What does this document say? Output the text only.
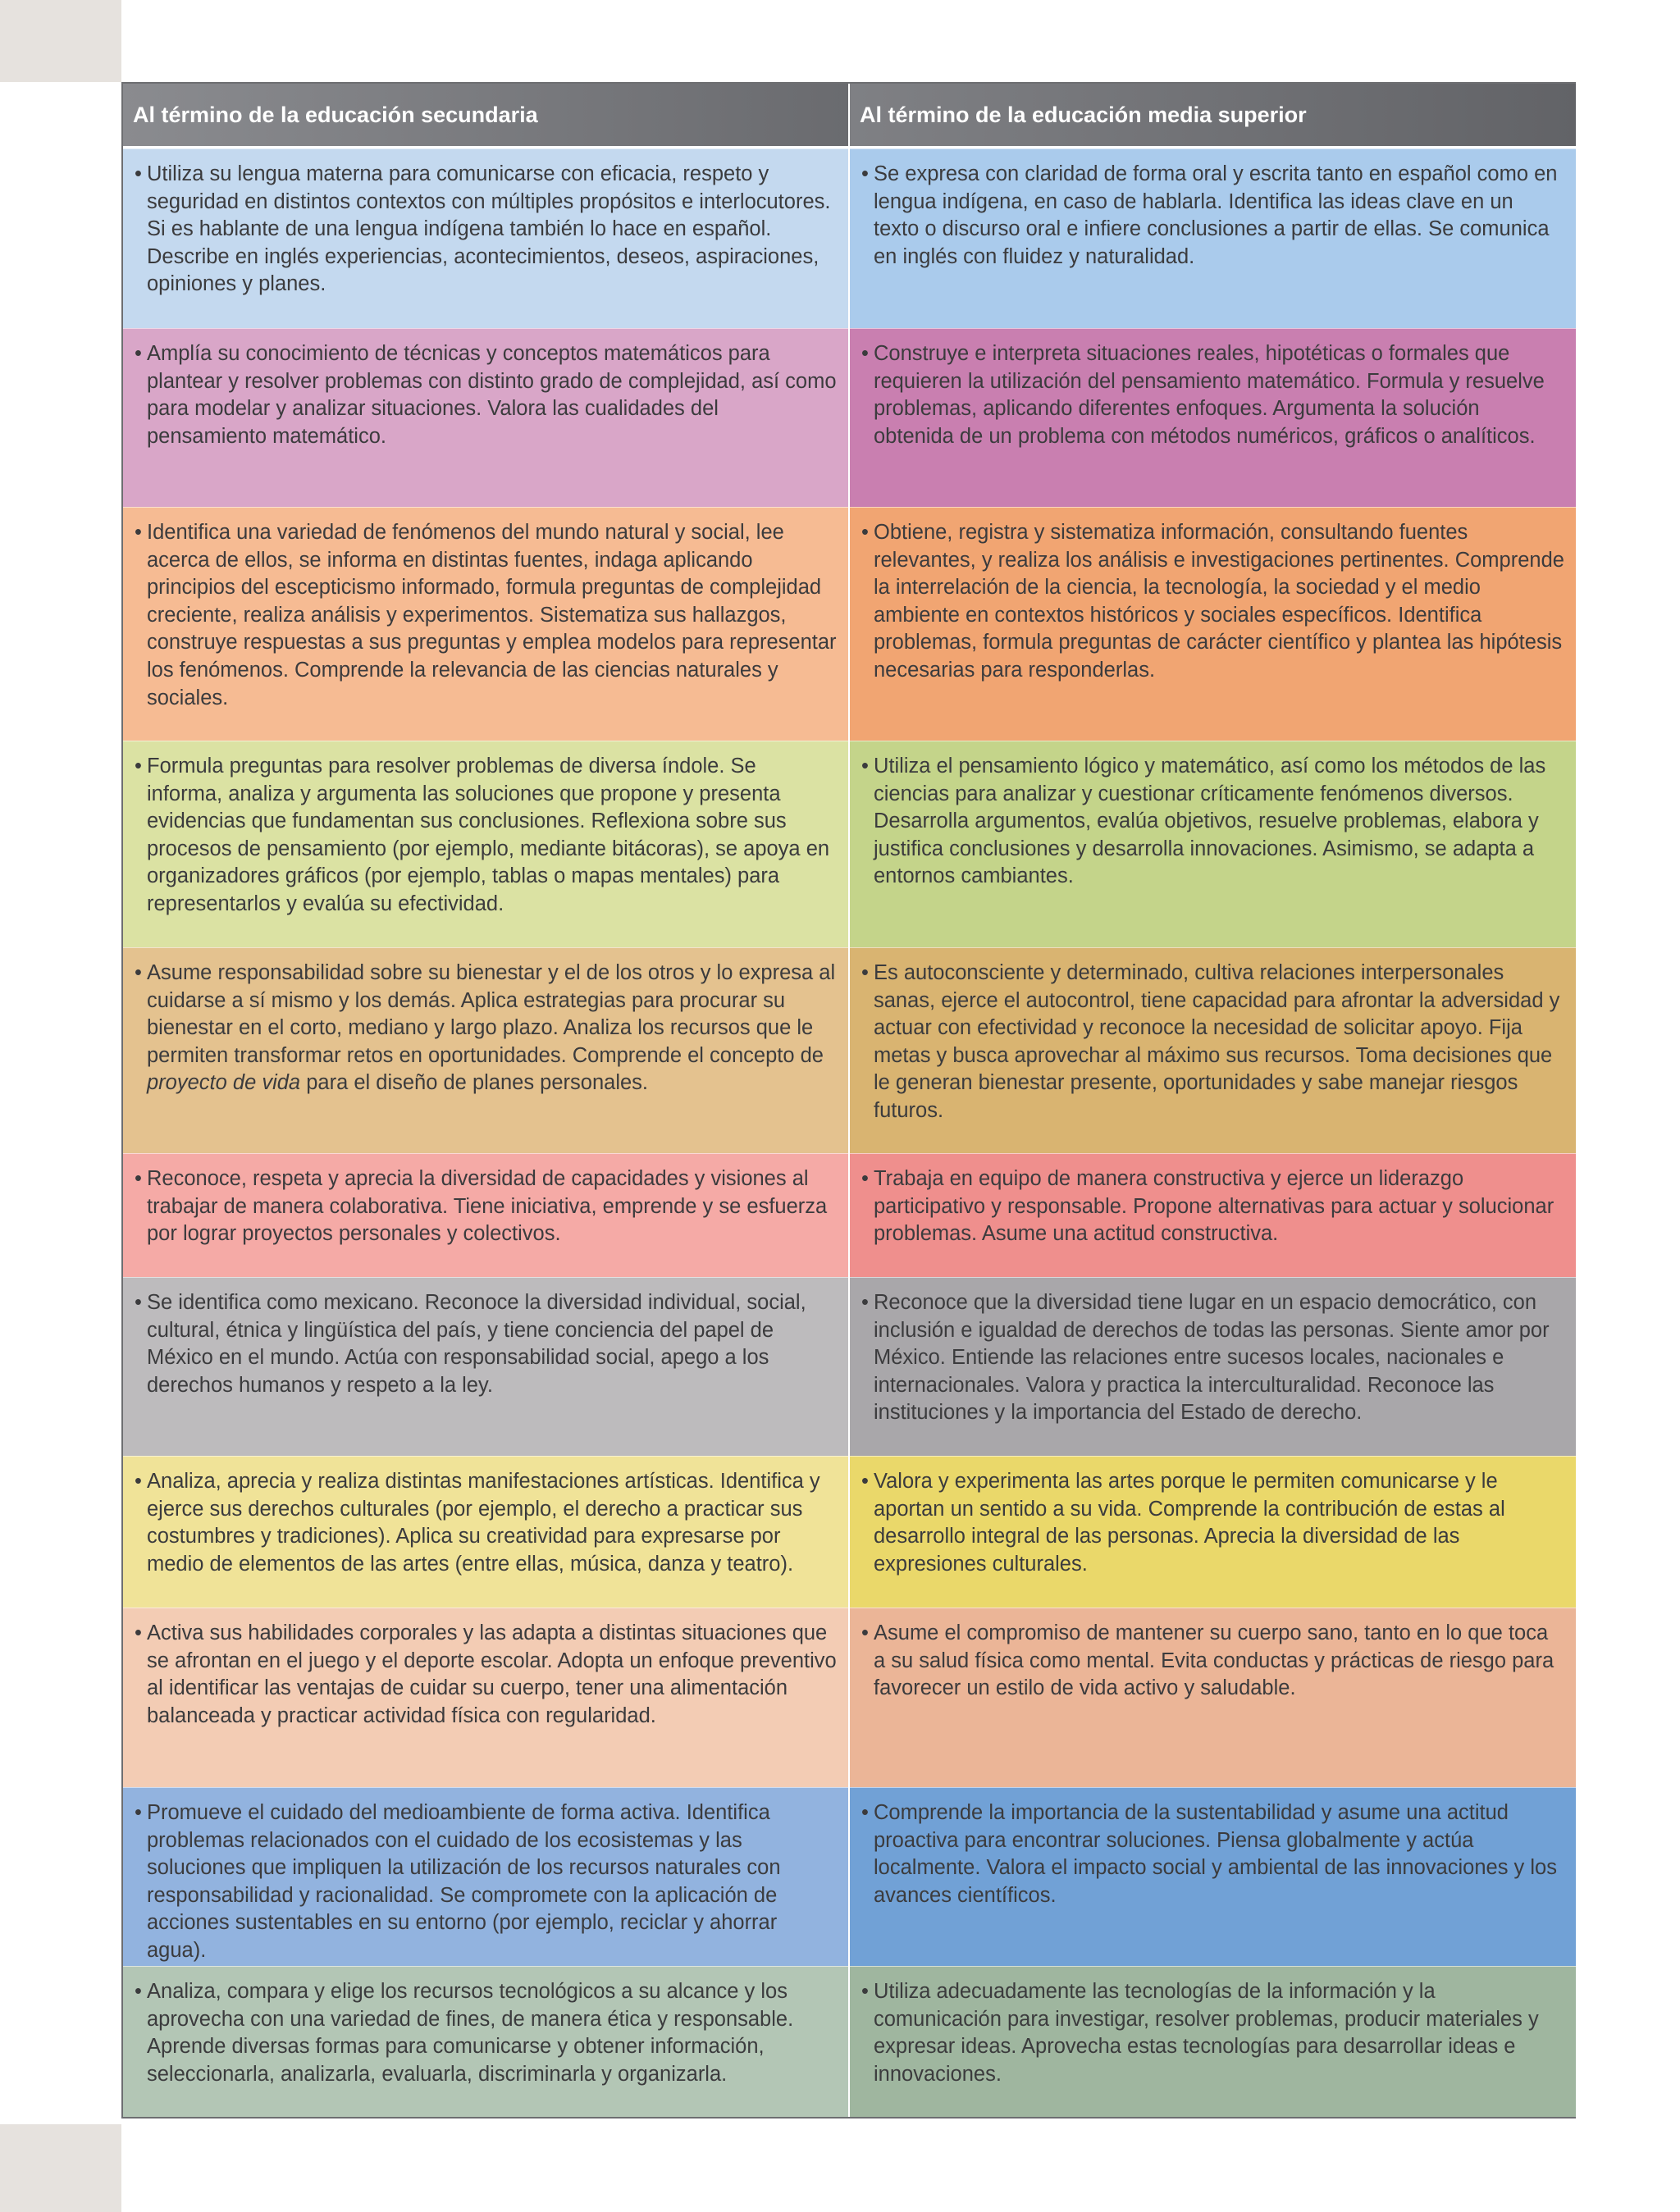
Al término de la educación secundaria	Al término de la educación media superior

• Utiliza su lengua materna para comunicarse con eficacia, respeto y seguridad en distintos contextos con múltiples propósitos e interlocutores. Si es hablante de una lengua indígena también lo hace en español. Describe en inglés experiencias, acontecimientos, deseos, aspiraciones, opiniones y planes.

• Se expresa con claridad de forma oral y escrita tanto en español como en lengua indígena, en caso de hablarla. Identifica las ideas clave en un texto o discurso oral e infiere conclusiones a partir de ellas. Se comunica en inglés con fluidez y naturalidad.

• Amplía su conocimiento de técnicas y conceptos matemáticos para plantear y resolver problemas con distinto grado de complejidad, así como para modelar y analizar situaciones. Valora las cualidades del pensamiento matemático.

• Construye e interpreta situaciones reales, hipotéticas o formales que requieren la utilización del pensamiento matemático. Formula y resuelve problemas, aplicando diferentes enfoques. Argumenta la solución obtenida de un problema con métodos numéricos, gráficos o analíticos.

• Identifica una variedad de fenómenos del mundo natural y social, lee acerca de ellos, se informa en distintas fuentes, indaga aplicando principios del escepticismo informado, formula preguntas de complejidad creciente, realiza análisis y experimentos. Sistematiza sus hallazgos, construye respuestas a sus preguntas y emplea modelos para representar los fenómenos. Comprende la relevancia de las ciencias naturales y sociales.

• Obtiene, registra y sistematiza información, consultando fuentes relevantes, y realiza los análisis e investigaciones pertinentes. Comprende la interrelación de la ciencia, la tecnología, la sociedad y el medio ambiente en contextos históricos y sociales específicos. Identifica problemas, formula preguntas de carácter científico y plantea las hipótesis necesarias para responderlas.

• Formula preguntas para resolver problemas de diversa índole. Se informa, analiza y argumenta las soluciones que propone y presenta evidencias que fundamentan sus conclusiones. Reflexiona sobre sus procesos de pensamiento (por ejemplo, mediante bitácoras), se apoya en organizadores gráficos (por ejemplo, tablas o mapas mentales) para representarlos y evalúa su efectividad.

• Utiliza el pensamiento lógico y matemático, así como los métodos de las ciencias para analizar y cuestionar críticamente fenómenos diversos. Desarrolla argumentos, evalúa objetivos, resuelve problemas, elabora y justifica conclusiones y desarrolla innovaciones. Asimismo, se adapta a entornos cambiantes.

• Asume responsabilidad sobre su bienestar y el de los otros y lo expresa al cuidarse a sí mismo y los demás. Aplica estrategias para procurar su bienestar en el corto, mediano y largo plazo. Analiza los recursos que le permiten transformar retos en oportunidades. Comprende el concepto de proyecto de vida para el diseño de planes personales.

• Es autoconsciente y determinado, cultiva relaciones interpersonales sanas, ejerce el autocontrol, tiene capacidad para afrontar la adversidad y actuar con efectividad y reconoce la necesidad de solicitar apoyo. Fija metas y busca aprovechar al máximo sus recursos. Toma decisiones que le generan bienestar presente, oportunidades y sabe manejar riesgos futuros.

• Reconoce, respeta y aprecia la diversidad de capacidades y visiones al trabajar de manera colaborativa. Tiene iniciativa, emprende y se esfuerza por lograr proyectos personales y colectivos.

• Trabaja en equipo de manera constructiva y ejerce un liderazgo participativo y responsable. Propone alternativas para actuar y solucionar problemas. Asume una actitud constructiva.

• Se identifica como mexicano. Reconoce la diversidad individual, social, cultural, étnica y lingüística del país, y tiene conciencia del papel de México en el mundo. Actúa con responsabilidad social, apego a los derechos humanos y respeto a la ley.

• Reconoce que la diversidad tiene lugar en un espacio democrático, con inclusión e igualdad de derechos de todas las personas. Siente amor por México. Entiende las relaciones entre sucesos locales, nacionales e internacionales. Valora y practica la interculturalidad. Reconoce las instituciones y la importancia del Estado de derecho.

• Analiza, aprecia y realiza distintas manifestaciones artísticas. Identifica y ejerce sus derechos culturales (por ejemplo, el derecho a practicar sus costumbres y tradiciones). Aplica su creatividad para expresarse por medio de elementos de las artes (entre ellas, música, danza y teatro).

• Valora y experimenta las artes porque le permiten comunicarse y le aportan un sentido a su vida. Comprende la contribución de estas al desarrollo integral de las personas. Aprecia la diversidad de las expresiones culturales.

• Activa sus habilidades corporales y las adapta a distintas situaciones que se afrontan en el juego y el deporte escolar. Adopta un enfoque preventivo al identificar las ventajas de cuidar su cuerpo, tener una alimentación balanceada y practicar actividad física con regularidad.

• Asume el compromiso de mantener su cuerpo sano, tanto en lo que toca a su salud física como mental. Evita conductas y prácticas de riesgo para favorecer un estilo de vida activo y saludable.

• Promueve el cuidado del medioambiente de forma activa. Identifica problemas relacionados con el cuidado de los ecosistemas y las soluciones que impliquen la utilización de los recursos naturales con responsabilidad y racionalidad. Se compromete con la aplicación de acciones sustentables en su entorno (por ejemplo, reciclar y ahorrar agua).

• Comprende la importancia de la sustentabilidad y asume una actitud proactiva para encontrar soluciones. Piensa globalmente y actúa localmente. Valora el impacto social y ambiental de las innovaciones y los avances científicos.

• Analiza, compara y elige los recursos tecnológicos a su alcance y los aprovecha con una variedad de fines, de manera ética y responsable. Aprende diversas formas para comunicarse y obtener información, seleccionarla, analizarla, evaluarla, discriminarla y organizarla.

• Utiliza adecuadamente las tecnologías de la información y la comunicación para investigar, resolver problemas, producir materiales y expresar ideas. Aprovecha estas tecnologías para desarrollar ideas e innovaciones.
